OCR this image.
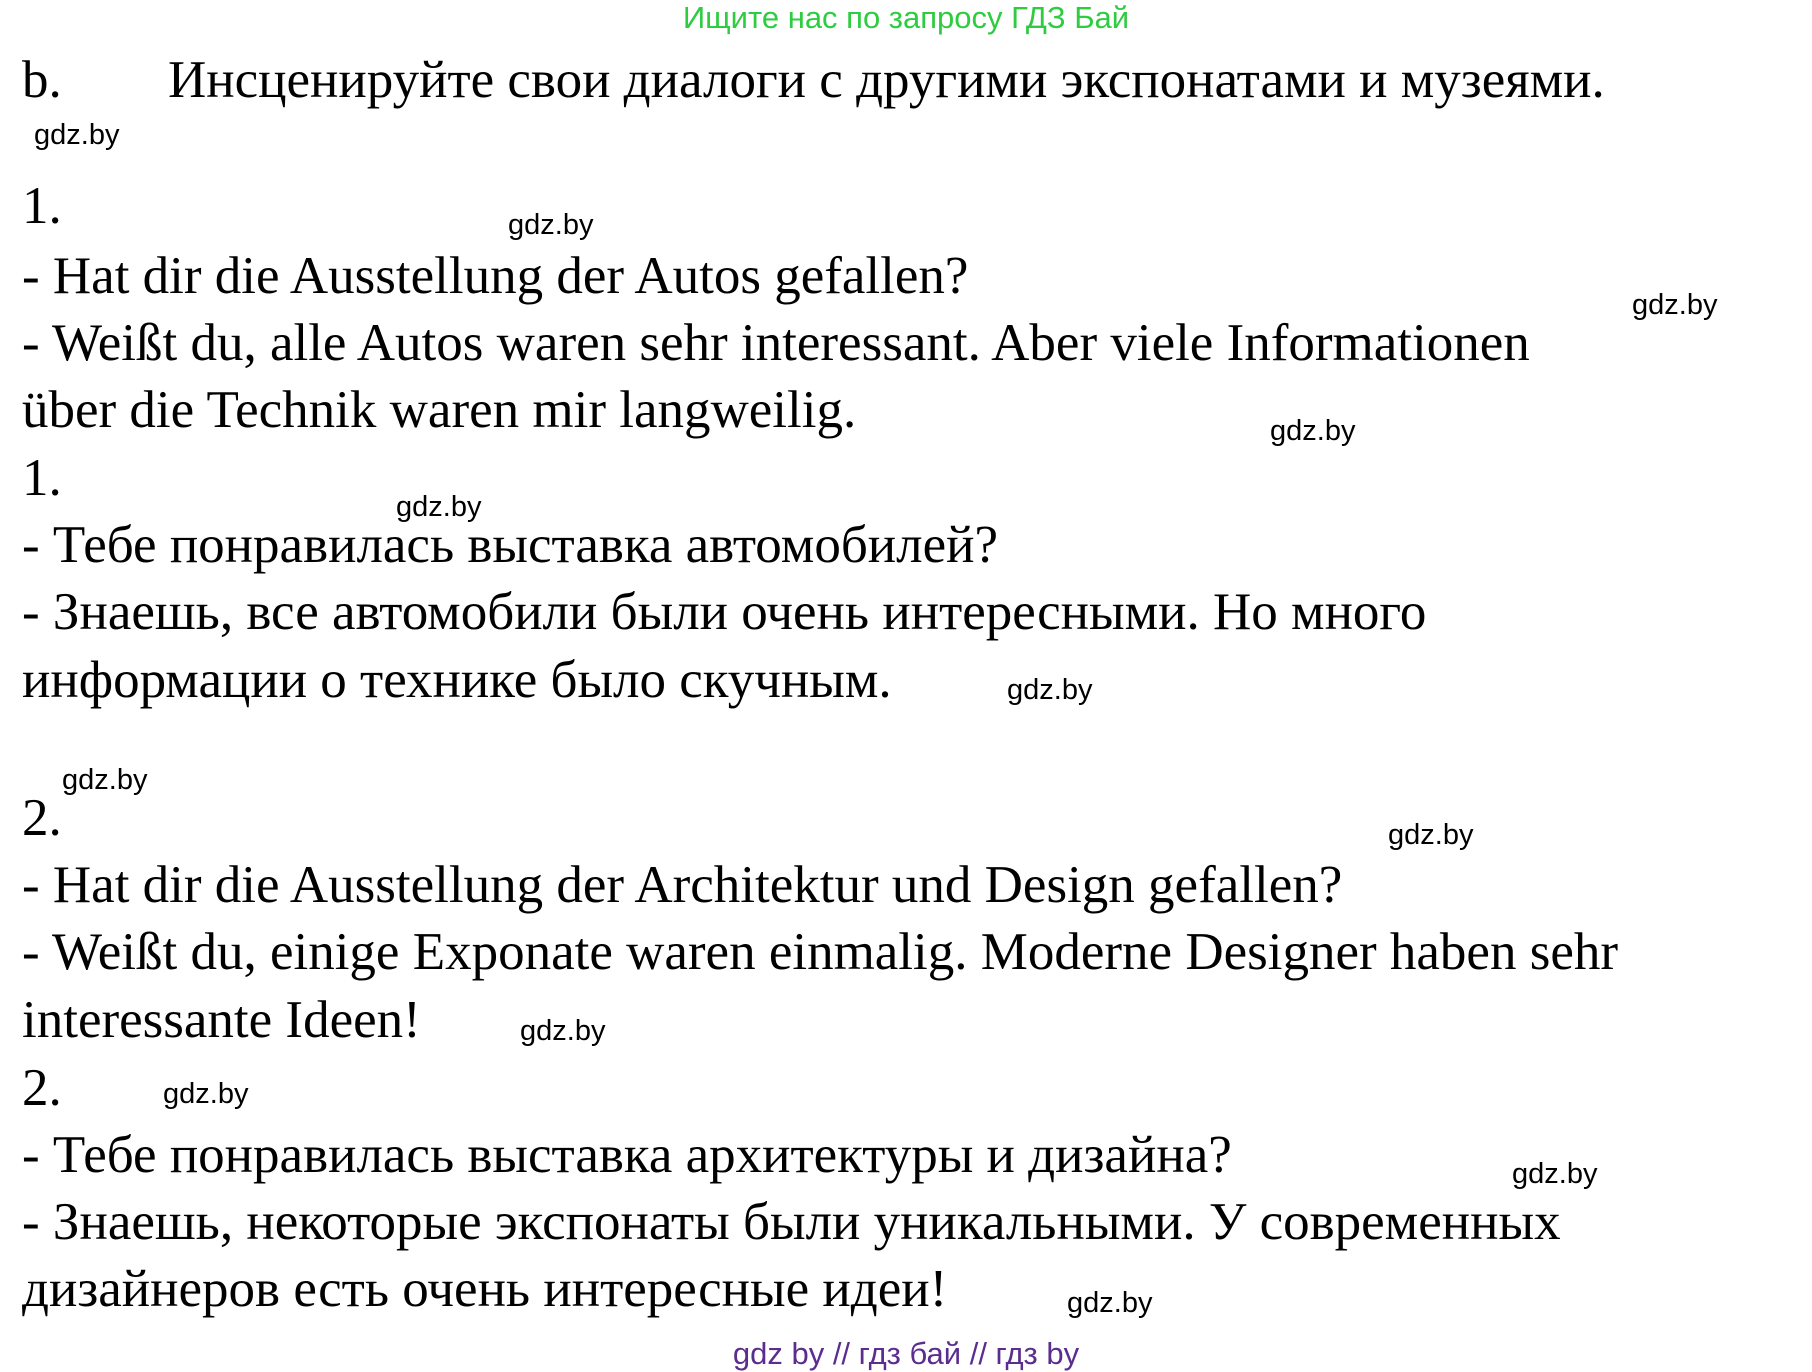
Ищите нас по запросу ГДЗ Бай
b. Инсценируйте свои диалоги с другими экспонатами и музеями.
gdz.by
1.	gdz.by
- Hat dir die Ausstellung der Autos gefallen?	gdz.by
- Weißt du, alle Autos waren sehr interessant. Aber viele Informationen
über die Technik waren mir langweilig.	gdz.by
1.	gdz.by
- Тебе понравилась выставка автомобилей?
- Знаешь, все автомобили были очень интересными. Но много
информации о технике было скучным.	gdz.by
gdz.by
2.	gdz.by
- Hat dir die Ausstellung der Architektur und Design gefallen?
- Weißt du, einige Exponate waren einmalig. Moderne Designer haben sehr
interessante Ideen!	gdz.by
2.	gdz.by
- Тебе понравилась выставка архитектуры и дизайна?	gdz.by
- Знаешь, некоторые экспонаты были уникальными. У современных
дизайнеров есть очень интересные идеи!	gdz.by
gdz by // гдз бай // гдз by
